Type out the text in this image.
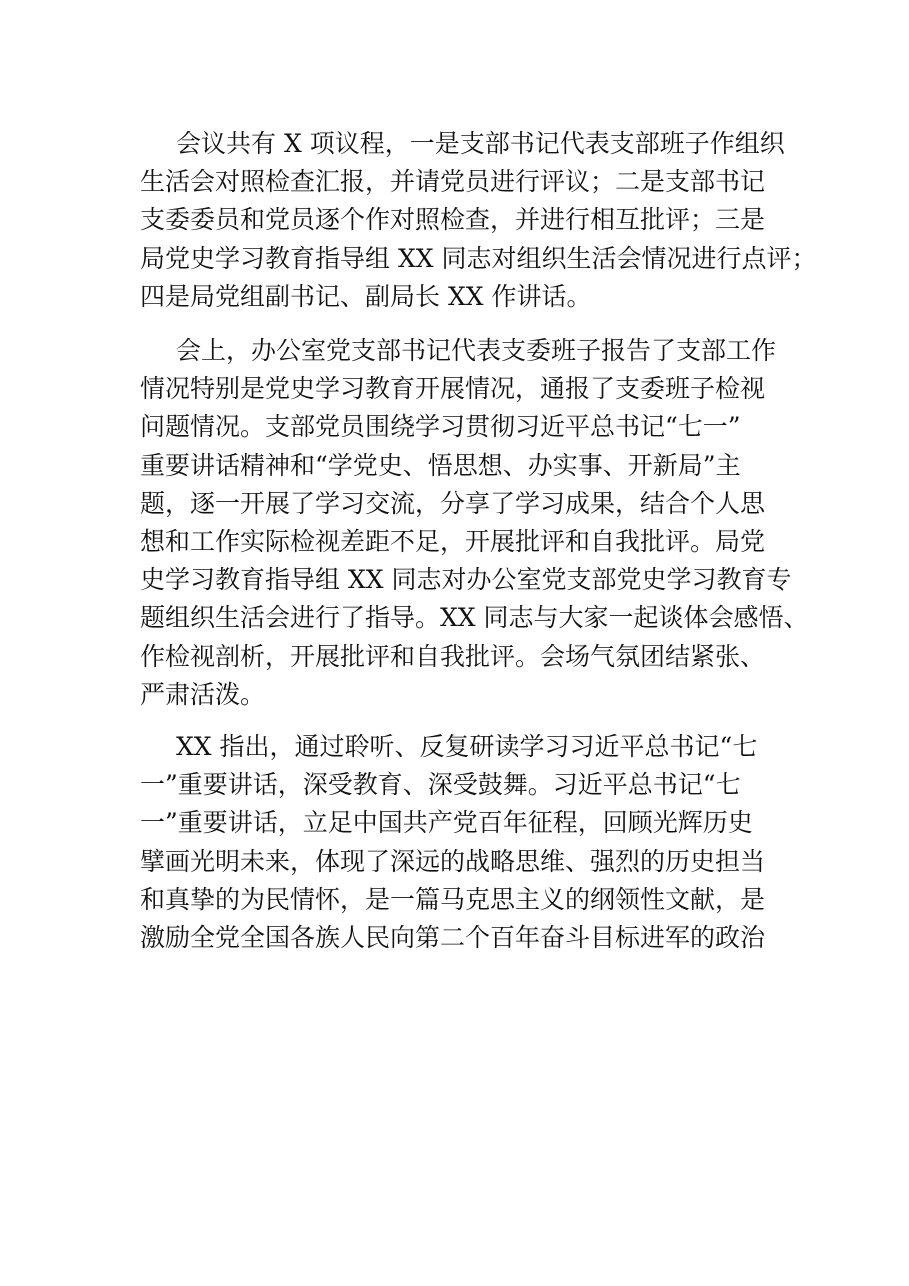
会议共有 X 项议程，一是支部书记代表支部班子作组织
生活会对照检查汇报，并请党员进行评议；二是支部书记
支委委员和党员逐个作对照检查，并进行相互批评；三是
局党史学习教育指导组 XX 同志对组织生活会情况进行点评；
四是局党组副书记、副局长 XX 作讲话。

会上，办公室党支部书记代表支委班子报告了支部工作
情况特别是党史学习教育开展情况，通报了支委班子检视
问题情况。支部党员围绕学习贯彻习近平总书记“七一”
重要讲话精神和“学党史、悟思想、办实事、开新局”主
题，逐一开展了学习交流，分享了学习成果，结合个人思
想和工作实际检视差距不足，开展批评和自我批评。局党
史学习教育指导组 XX 同志对办公室党支部党史学习教育专
题组织生活会进行了指导。XX 同志与大家一起谈体会感悟、
作检视剖析，开展批评和自我批评。会场气氛团结紧张、
严肃活泼。

XX 指出，通过聆听、反复研读学习习近平总书记“七
一”重要讲话，深受教育、深受鼓舞。习近平总书记“七
一”重要讲话，立足中国共产党百年征程，回顾光辉历史
擘画光明未来，体现了深远的战略思维、强烈的历史担当
和真挚的为民情怀，是一篇马克思主义的纲领性文献，是
激励全党全国各族人民向第二个百年奋斗目标进军的政治
